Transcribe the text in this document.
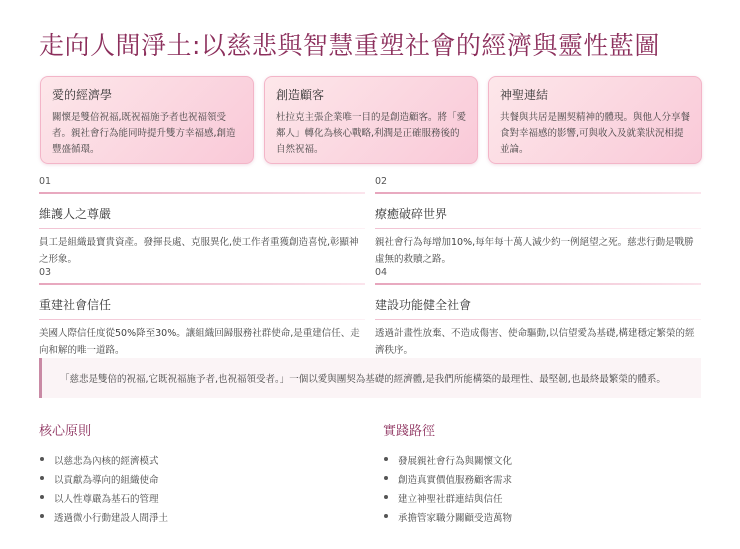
走向人間淨土:以慈悲與智慧重塑社會的經濟與靈性藍圖
愛的經濟學
關懷是雙倍祝福,既祝福施予者也祝福領受者。親社會行為能同時提升雙方幸福感,創造豐盛循環。
創造顧客
杜拉克主張企業唯一目的是創造顧客。將「愛鄰人」轉化為核心戰略,利潤是正確服務後的自然祝福。
神聖連結
共餐與共居是團契精神的體現。與他人分享餐食對幸福感的影響,可與收入及就業狀況相提並論。
01
維護人之尊嚴
員工是組織最寶貴資產。發揮長處、克服異化,使工作者重獲創造喜悅,彰顯神之形象。
02
療癒破碎世界
親社會行為每增加10%,每年每十萬人減少約一例絕望之死。慈悲行動是戰勝虛無的救贖之路。
03
重建社會信任
美國人際信任度從50%降至30%。讓組織回歸服務社群使命,是重建信任、走向和解的唯一道路。
04
建設功能健全社會
透過計畫性放棄、不造成傷害、使命驅動,以信望愛為基礎,構建穩定繁榮的經濟秩序。
「慈悲是雙倍的祝福,它既祝福施予者,也祝福領受者。」一個以愛與團契為基礎的經濟體,是我們所能構築的最理性、最堅韌,也最終最繁榮的體系。
核心原則
以慈悲為內核的經濟模式
以貢獻為導向的組織使命
以人性尊嚴為基石的管理
透過微小行動建設人間淨土
實踐路徑
發展親社會行為與關懷文化
創造真實價值服務顧客需求
建立神聖社群連結與信任
承擔管家職分關顧受造萬物
